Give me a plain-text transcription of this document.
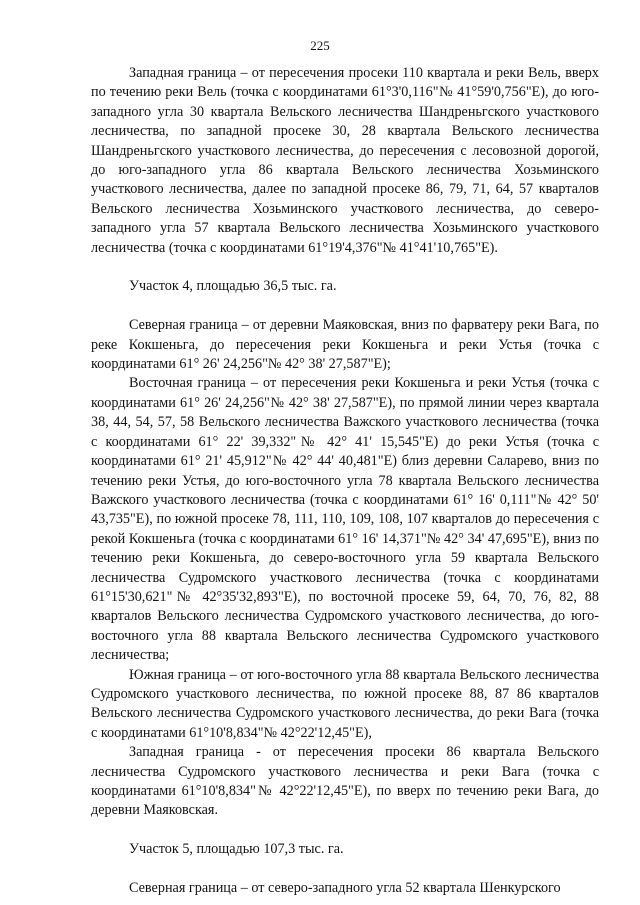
225

Западная граница – от пересечения просеки 110 квартала и реки Вель, вверх по течению реки Вель (точка с координатами 61°3'0,116"№ 41°59'0,756"E), до юго-западного угла 30 квартала Вельского лесничества Шандреньгского участкового лесничества, по западной просеке 30, 28 квартала Вельского лесничества Шандреньгского участкового лесничества, до пересечения с лесовозной дорогой, до юго-западного угла 86 квартала Вельского лесничества Хозьминского участкового лесничества, далее по западной просеке 86, 79, 71, 64, 57 кварталов Вельского лесничества Хозьминского участкового лесничества, до северо-западного угла 57 квартала Вельского лесничества Хозьминского участкового лесничества (точка с координатами 61°19'4,376"№ 41°41'10,765"E).

Участок 4, площадью 36,5 тыс. га.

Северная граница – от деревни Маяковская, вниз по фарватеру реки Вага, по реке Кокшеньга, до пересечения реки Кокшеньга и реки Устья (точка с координатами 61° 26' 24,256"№ 42° 38' 27,587"E);

Восточная граница – от пересечения реки Кокшеньга и реки Устья (точка с координатами 61° 26' 24,256"№ 42° 38' 27,587"E), по прямой линии через квартала 38, 44, 54, 57, 58 Вельского лесничества Важского участкового лесничества (точка с координатами 61° 22' 39,332"№ 42° 41' 15,545"E) до реки Устья (точка с координатами 61° 21' 45,912"№ 42° 44' 40,481"E) близ деревни Саларево, вниз по течению реки Устья, до юго-восточного угла 78 квартала Вельского лесничества Важского участкового лесничества (точка с координатами 61° 16' 0,111"№ 42° 50' 43,735"E), по южной просеке 78, 111, 110, 109, 108, 107 кварталов до пересечения с рекой Кокшеньга (точка с координатами 61° 16' 14,371"№ 42° 34' 47,695"E), вниз по течению реки Кокшеньга, до северо-восточного угла 59 квартала Вельского лесничества Судромского участкового лесничества (точка с координатами 61°15'30,621"№ 42°35'32,893"E), по восточной просеке 59, 64, 70, 76, 82, 88 кварталов Вельского лесничества Судромского участкового лесничества, до юго-восточного угла 88 квартала Вельского лесничества Судромского участкового лесничества;

Южная граница – от юго-восточного угла 88 квартала Вельского лесничества Судромского участкового лесничества, по южной просеке 88, 87 86 кварталов Вельского лесничества Судромского участкового лесничества, до реки Вага (точка с координатами 61°10'8,834"№ 42°22'12,45"E),

Западная граница - от пересечения просеки 86 квартала Вельского лесничества Судромского участкового лесничества и реки Вага (точка с координатами 61°10'8,834"№ 42°22'12,45"E), по вверх по течению реки Вага, до деревни Маяковская.

Участок 5, площадью 107,3 тыс. га.

Северная граница – от северо-западного угла 52 квартала Шенкурского
